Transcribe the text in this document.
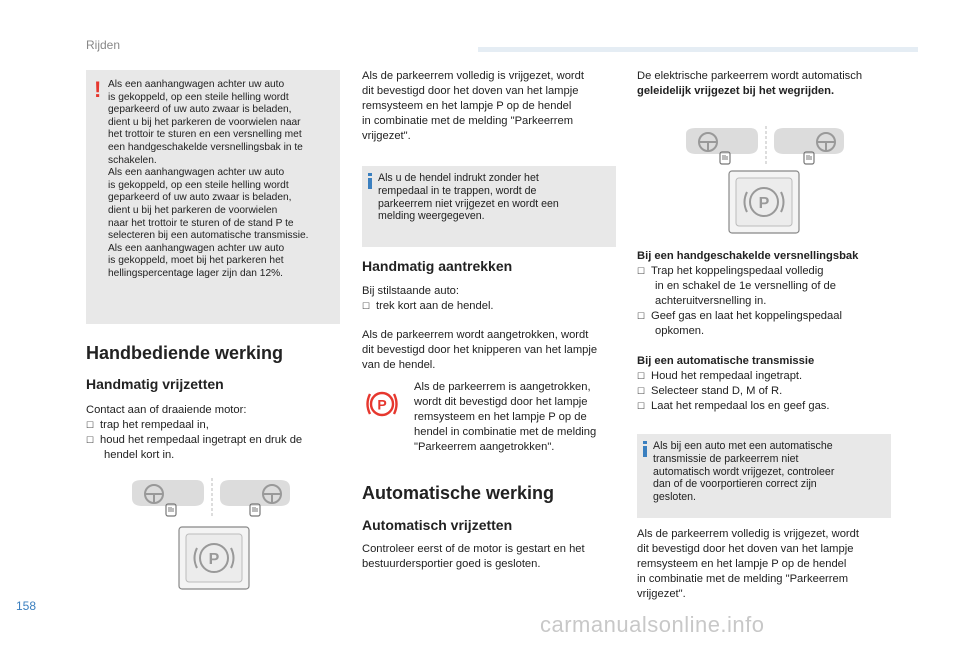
Rijden
! Als een aanhangwagen achter uw auto
is gekoppeld, op een steile helling wordt
geparkeerd of uw auto zwaar is beladen,
dient u bij het parkeren de voorwielen naar
het trottoir te sturen en een versnelling met
een handgeschakelde versnellingsbak in te
schakelen.
Als een aanhangwagen achter uw auto
is gekoppeld, op een steile helling wordt
geparkeerd of uw auto zwaar is beladen,
dient u bij het parkeren de voorwielen
naar het trottoir te sturen of de stand P te
selecteren bij een automatische transmissie.
Als een aanhangwagen achter uw auto
is gekoppeld, moet bij het parkeren het
hellingspercentage lager zijn dan 12%.
Handbediende werking
Handmatig vrijzetten
Contact aan of draaiende motor:
☐ trap het rempedaal in,
☐ houd het rempedaal ingetrapt en druk de
hendel kort in.
P
Als de parkeerrem volledig is vrijgezet, wordt
dit bevestigd door het doven van het lampje
remsysteem en het lampje P op de hendel
in combinatie met de melding "Parkeerrem
vrijgezet".
Als u de hendel indrukt zonder het
rempedaal in te trappen, wordt de
parkeerrem niet vrijgezet en wordt een
melding weergegeven.
Handmatig aantrekken
Bij stilstaande auto:
☐ trek kort aan de hendel.
Als de parkeerrem wordt aangetrokken, wordt
dit bevestigd door het knipperen van het lampje
van de hendel.
P
Als de parkeerrem is aangetrokken,
wordt dit bevestigd door het lampje
remsysteem en het lampje P op de
hendel in combinatie met de melding
"Parkeerrem aangetrokken".
Automatische werking
Automatisch vrijzetten
Controleer eerst of de motor is gestart en het
bestuurdersportier goed is gesloten.
De elektrische parkeerrem wordt automatisch
geleidelijk vrijgezet bij het wegrijden.
P
Bij een handgeschakelde versnellingsbak
☐ Trap het koppelingspedaal volledig
in en schakel de 1e versnelling of de
achteruitversnelling in.
☐ Geef gas en laat het koppelingspedaal
opkomen.
Bij een automatische transmissie
☐ Houd het rempedaal ingetrapt.
☐ Selecteer stand D, M of R.
☐ Laat het rempedaal los en geef gas.
Als bij een auto met een automatische
transmissie de parkeerrem niet
automatisch wordt vrijgezet, controleer
dan of de voorportieren correct zijn
gesloten.
Als de parkeerrem volledig is vrijgezet, wordt
dit bevestigd door het doven van het lampje
remsysteem en het lampje P op de hendel
in combinatie met de melding "Parkeerrem
vrijgezet".
158
carmanualsonline.info
